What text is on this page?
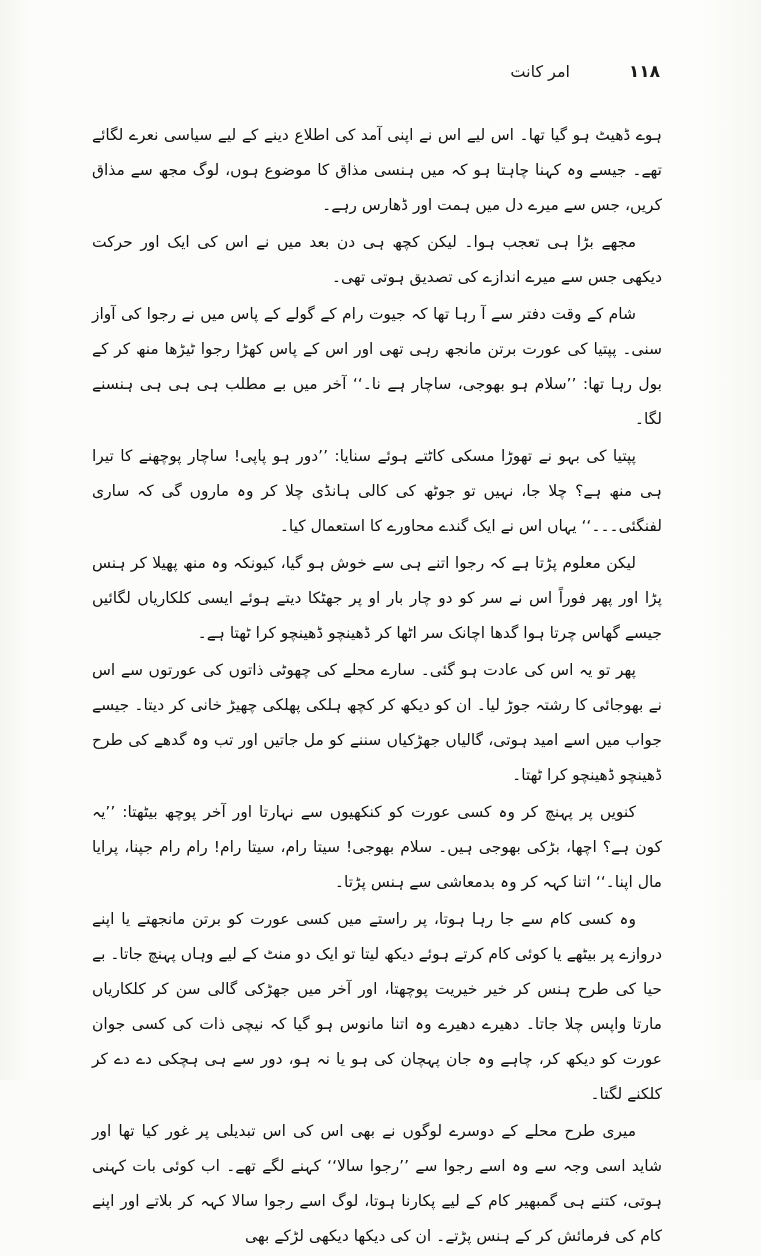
۱۱۸
امر کانت

ہوے ڈھیٹ ہو گیا تھا۔ اس لیے اس نے اپنی آمد کی اطلاع دینے کے لیے سیاسی نعرے لگائے تھے۔ جیسے وہ کہنا چاہتا ہو کہ میں ہنسی مذاق کا موضوع ہوں، لوگ مجھ سے مذاق کریں، جس سے میرے دل میں ہمت اور ڈھارس رہے۔

مجھے بڑا ہی تعجب ہوا۔ لیکن کچھ ہی دن بعد میں نے اس کی ایک اور حرکت دیکھی جس سے میرے اندازے کی تصدیق ہوتی تھی۔

شام کے وقت دفتر سے آ رہا تھا کہ جیوت رام کے گولے کے پاس میں نے رجوا کی آواز سنی۔ پپتیا کی عورت برتن مانجھ رہی تھی اور اس کے پاس کھڑا رجوا ٹیڑھا منھ کر کے بول رہا تھا: ’’سلام ہو بھوجی، ساچار ہے نا۔‘‘ آخر میں بے مطلب ہی ہی ہی ہنسنے لگا۔

پپتیا کی بہو نے تھوڑا مسکی کاٹتے ہوئے سنایا: ’’دور ہو پاپی! ساچار پوچھنے کا تیرا ہی منھ ہے؟ چلا جا، نہیں تو جوٹھ کی کالی ہانڈی چلا کر وہ ماروں گی کہ ساری لفنگئی۔۔۔‘‘ یہاں اس نے ایک گندے محاورے کا استعمال کیا۔

لیکن معلوم پڑتا ہے کہ رجوا اتنے ہی سے خوش ہو گیا، کیونکہ وہ منھ پھیلا کر ہنس پڑا اور پھر فوراً اس نے سر کو دو چار بار او پر جھٹکا دیتے ہوئے ایسی کلکاریاں لگائیں جیسے گھاس چرتا ہوا گدھا اچانک سر اٹھا کر ڈھینچو ڈھینچو کرا ٹھتا ہے۔

پھر تو یہ اس کی عادت ہو گئی۔ سارے محلے کی چھوٹی ذاتوں کی عورتوں سے اس نے بھوجائی کا رشتہ جوڑ لیا۔ ان کو دیکھ کر کچھ ہلکی پھلکی چھیڑ خانی کر دیتا۔ جیسے جواب میں اسے امید ہوتی، گالیاں جھڑکیاں سننے کو مل جاتیں اور تب وہ گدھے کی طرح ڈھینچو ڈھینچو کرا ٹھتا۔

کنویں پر پہنچ کر وہ کسی عورت کو کنکھیوں سے نہارتا اور آخر پوچھ بیٹھتا: ’’یہ کون ہے؟ اچھا، بڑکی بھوجی ہیں۔ سلام بھوجی! سیتا رام، سیتا رام! رام رام جپنا، پرایا مال اپنا۔‘‘ اتنا کہہ کر وہ بدمعاشی سے ہنس پڑتا۔

وہ کسی کام سے جا رہا ہوتا، پر راستے میں کسی عورت کو برتن مانجھتے یا اپنے دروازے پر بیٹھے یا کوئی کام کرتے ہوئے دیکھ لیتا تو ایک دو منٹ کے لیے وہاں پہنچ جاتا۔ بے حیا کی طرح ہنس کر خیر خیریت پوچھتا، اور آخر میں جھڑکی گالی سن کر کلکاریاں مارتا واپس چلا جاتا۔ دھیرے دھیرے وہ اتنا مانوس ہو گیا کہ نیچی ذات کی کسی جوان عورت کو دیکھ کر، چاہے وہ جان پہچان کی ہو یا نہ ہو، دور سے ہی ہچکی دے دے کر کلکنے لگتا۔

میری طرح محلے کے دوسرے لوگوں نے بھی اس کی اس تبدیلی پر غور کیا تھا اور شاید اسی وجہ سے وہ اسے رجوا سے ’’رجوا سالا‘‘ کہنے لگے تھے۔ اب کوئی بات کہنی ہوتی، کتنے ہی گمبھیر کام کے لیے پکارنا ہوتا، لوگ اسے رجوا سالا کہہ کر بلاتے اور اپنے کام کی فرمائش کر کے ہنس پڑتے۔ ان کی دیکھا دیکھی لڑکے بھی
